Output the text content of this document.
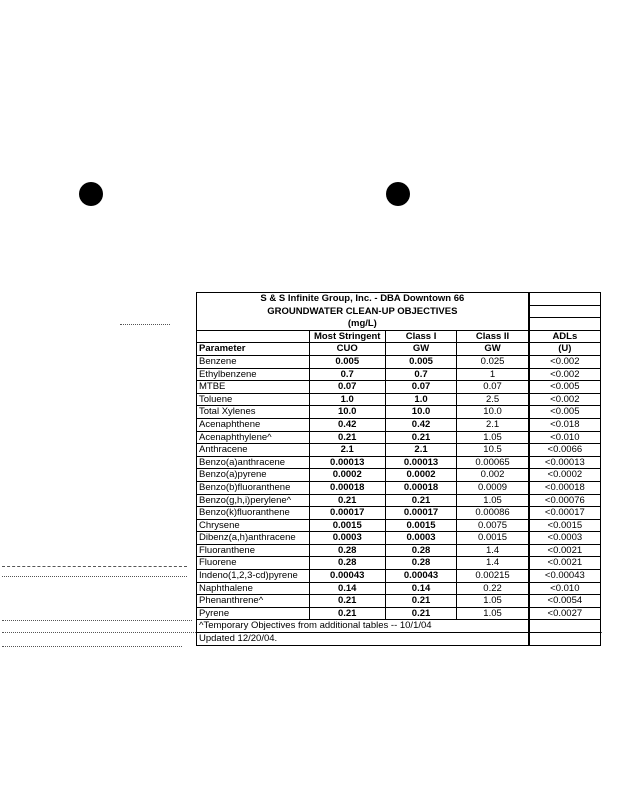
S & S Infinite Group, Inc. - DBA Downtown 66				
GROUNDWATER CLEAN-UP OBJECTIVES				
(mg/L)				
	Most Stringent	Class I	Class II	ADLs
Parameter	CUO	GW	GW	(U)
Benzene	0.005	0.005	0.025	<0.002
Ethylbenzene	0.7	0.7	1	<0.002
MTBE	0.07	0.07	0.07	<0.005
Toluene	1.0	1.0	2.5	<0.002
Total Xylenes	10.0	10.0	10.0	<0.005
Acenaphthene	0.42	0.42	2.1	<0.018
Acenaphthylene^	0.21	0.21	1.05	<0.010
Anthracene	2.1	2.1	10.5	<0.0066
Benzo(a)anthracene	0.00013	0.00013	0.00065	<0.00013
Benzo(a)pyrene	0.0002	0.0002	0.002	<0.0002
Benzo(b)fluoranthene	0.00018	0.00018	0.0009	<0.00018
Benzo(g,h,i)perylene^	0.21	0.21	1.05	<0.00076
Benzo(k)fluoranthene	0.00017	0.00017	0.00086	<0.00017
Chrysene	0.0015	0.0015	0.0075	<0.0015
Dibenz(a,h)anthracene	0.0003	0.0003	0.0015	<0.0003
Fluoranthene	0.28	0.28	1.4	<0.0021
Fluorene	0.28	0.28	1.4	<0.0021
Indeno(1,2,3-cd)pyrene	0.00043	0.00043	0.00215	<0.00043
Naphthalene	0.14	0.14	0.22	<0.010
Phenanthrene^	0.21	0.21	1.05	<0.0054
Pyrene	0.21	0.21	1.05	<0.0027
^Temporary Objectives from additional tables -- 10/1/04				
Updated 12/20/04.				
